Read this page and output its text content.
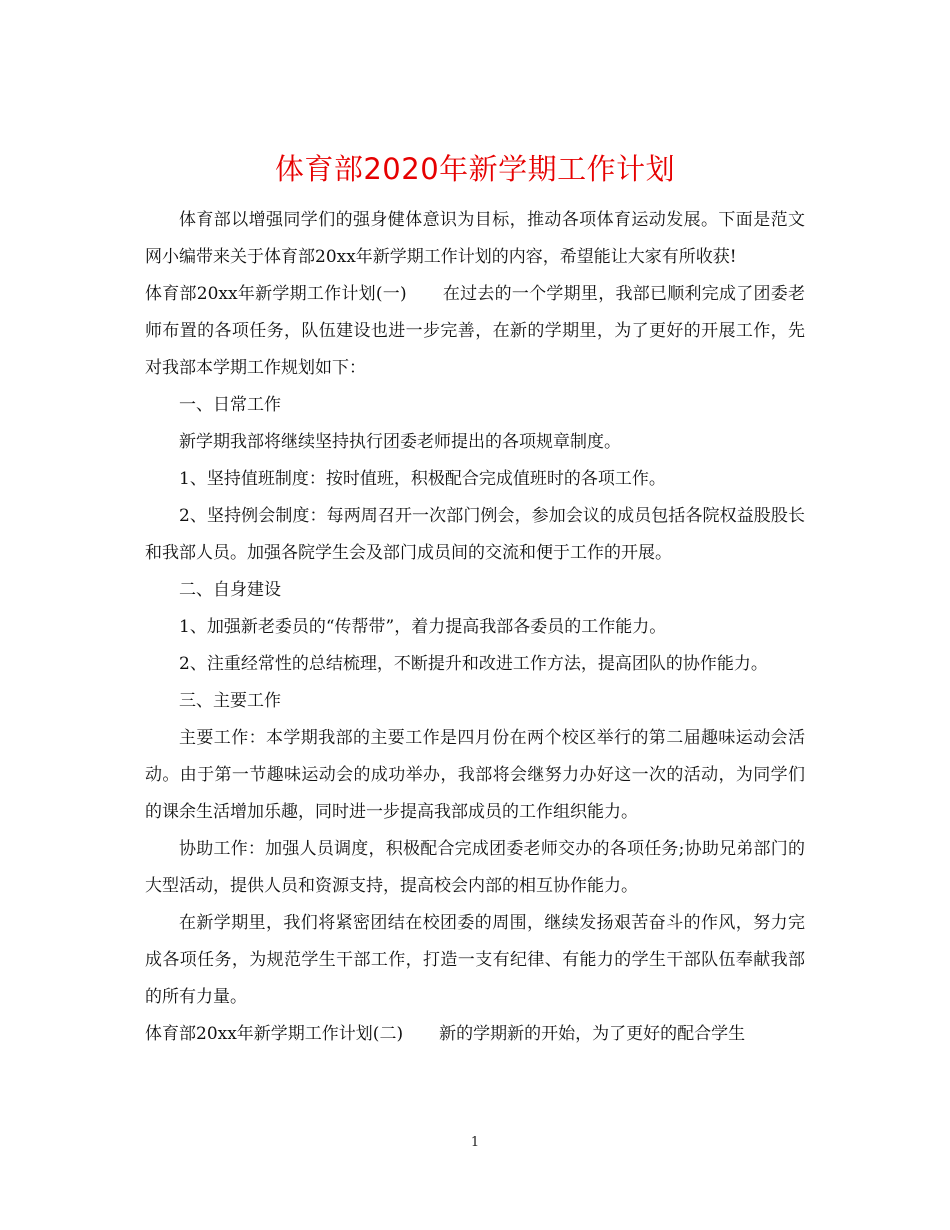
体育部2020年新学期工作计划

体育部以增强同学们的强身健体意识为目标，推动各项体育运动发展。下面是范文网小编带来关于体育部20xx年新学期工作计划的内容，希望能让大家有所收获!

体育部20xx年新学期工作计划(一) 在过去的一个学期里，我部已顺利完成了团委老师布置的各项任务，队伍建设也进一步完善，在新的学期里，为了更好的开展工作，先对我部本学期工作规划如下：

一、日常工作

新学期我部将继续坚持执行团委老师提出的各项规章制度。

1、坚持值班制度：按时值班，积极配合完成值班时的各项工作。

2、坚持例会制度：每两周召开一次部门例会，参加会议的成员包括各院权益股股长和我部人员。加强各院学生会及部门成员间的交流和便于工作的开展。

二、自身建设

1、加强新老委员的“传帮带”，着力提高我部各委员的工作能力。

2、注重经常性的总结梳理，不断提升和改进工作方法，提高团队的协作能力。

三、主要工作

主要工作：本学期我部的主要工作是四月份在两个校区举行的第二届趣味运动会活动。由于第一节趣味运动会的成功举办，我部将会继努力办好这一次的活动，为同学们的课余生活增加乐趣，同时进一步提高我部成员的工作组织能力。

协助工作：加强人员调度，积极配合完成团委老师交办的各项任务;协助兄弟部门的大型活动，提供人员和资源支持，提高校会内部的相互协作能力。

在新学期里，我们将紧密团结在校团委的周围，继续发扬艰苦奋斗的作风，努力完成各项任务，为规范学生干部工作，打造一支有纪律、有能力的学生干部队伍奉献我部的所有力量。

体育部20xx年新学期工作计划(二) 新的学期新的开始，为了更好的配合学生

1
